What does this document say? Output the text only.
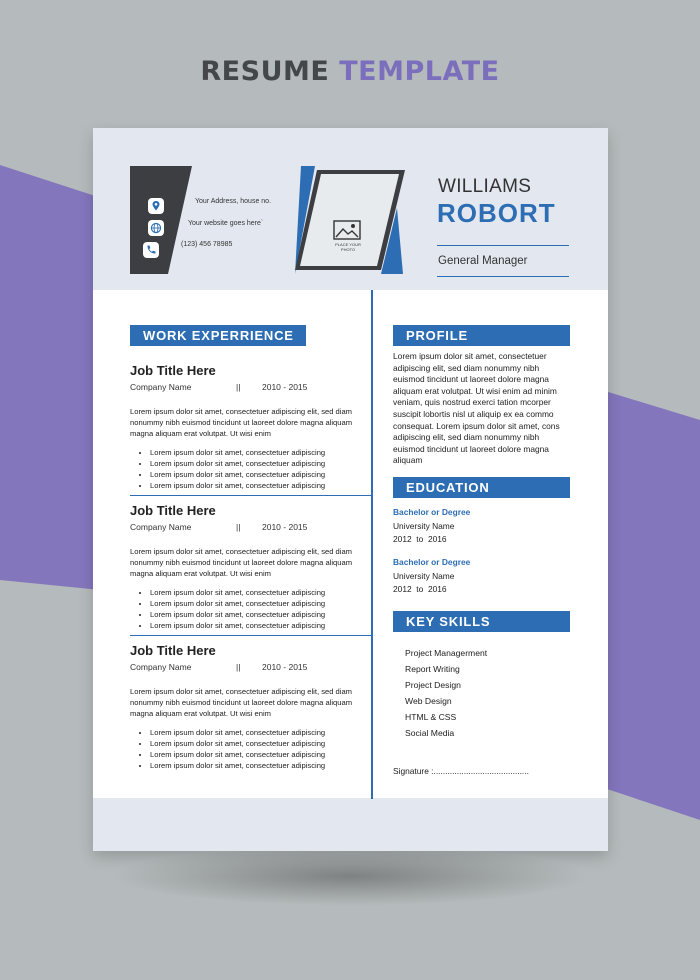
RESUME TEMPLATE
Your Address, house no.
Your website goes here`
(123) 456 78985	PLACE YOUR
PHOTO
WILLIAMS
ROBORT
General Manager
WORK EXPERRIENCE
Job Title Here
Company Name	||	2010 - 2015
Lorem ipsum dolor sit amet, consectetuer adipiscing elit, sed diam nonummy nibh euismod tincidunt ut laoreet dolore magna aliquam magna aliquam erat volutpat. Ut wisi enim
• Lorem ipsum dolor sit amet, consectetuer adipiscing
• Lorem ipsum dolor sit amet, consectetuer adipiscing
• Lorem ipsum dolor sit amet, consectetuer adipiscing
• Lorem ipsum dolor sit amet, consectetuer adipiscing
Job Title Here
Company Name	||	2010 - 2015
Lorem ipsum dolor sit amet, consectetuer adipiscing elit, sed diam nonummy nibh euismod tincidunt ut laoreet dolore magna aliquam magna aliquam erat volutpat. Ut wisi enim
• Lorem ipsum dolor sit amet, consectetuer adipiscing
• Lorem ipsum dolor sit amet, consectetuer adipiscing
• Lorem ipsum dolor sit amet, consectetuer adipiscing
• Lorem ipsum dolor sit amet, consectetuer adipiscing
Job Title Here
Company Name	||	2010 - 2015
Lorem ipsum dolor sit amet, consectetuer adipiscing elit, sed diam nonummy nibh euismod tincidunt ut laoreet dolore magna aliquam magna aliquam erat volutpat. Ut wisi enim
• Lorem ipsum dolor sit amet, consectetuer adipiscing
• Lorem ipsum dolor sit amet, consectetuer adipiscing
• Lorem ipsum dolor sit amet, consectetuer adipiscing
• Lorem ipsum dolor sit amet, consectetuer adipiscing
PROFILE
Lorem ipsum dolor sit amet, consectetuer adipiscing elit, sed diam nonummy nibh euismod tincidunt ut laoreet dolore magna aliquam erat volutpat. Ut wisi enim ad minim veniam, quis nostrud exerci tation mcorper suscipit lobortis nisl ut aliquip ex ea commo consequat. Lorem ipsum dolor sit amet, cons adipiscing elit, sed diam nonummy nibh euismod tincidunt ut laoreet dolore magna aliquam
EDUCATION
Bachelor or Degree
University Name
2012 to 2016
Bachelor or Degree
University Name
2012 to 2016
KEY SKILLS
Project Managerment
Report Writing
Project Design
Web Design
HTML & CSS
Social Media
Signature :.........................................
